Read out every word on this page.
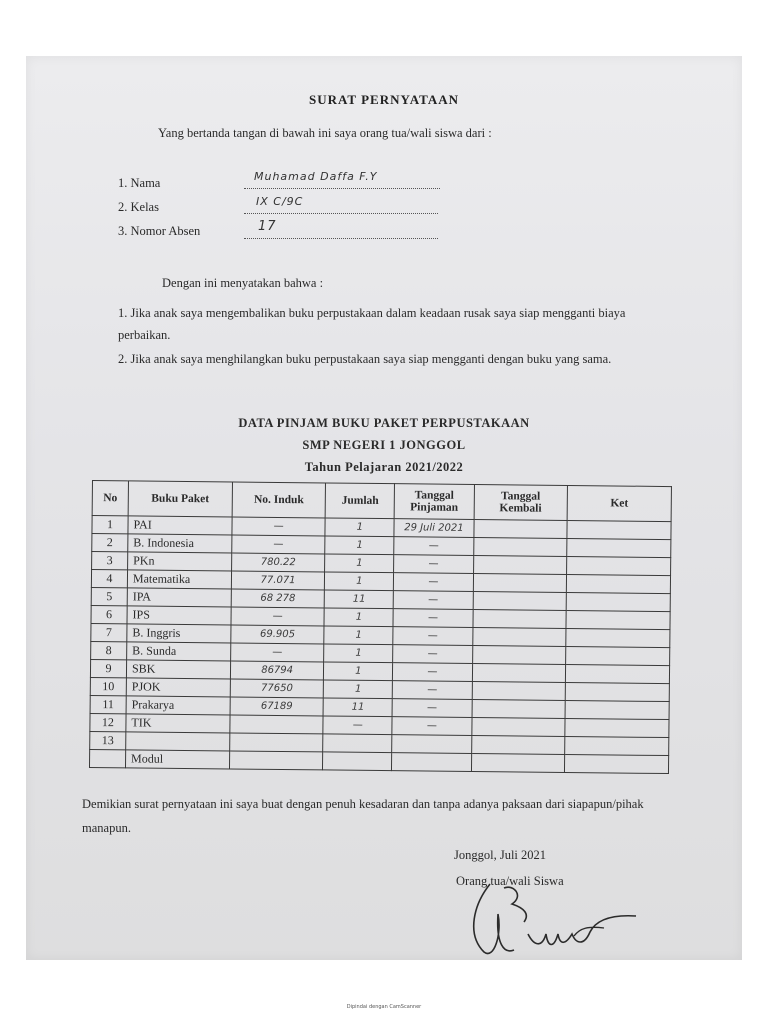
SURAT PERNYATAAN
Yang bertanda tangan di bawah ini saya orang tua/wali siswa dari :
1. Nama	Muhamad Daffa F.Y
2. Kelas	IX C/9C
3. Nomor Absen	17
Dengan ini menyatakan bahwa :
1. Jika anak saya mengembalikan buku perpustakaan dalam keadaan rusak saya siap mengganti biaya perbaikan.
2. Jika anak saya menghilangkan buku perpustakaan saya siap mengganti dengan buku yang sama.
DATA PINJAM BUKU PAKET PERPUSTAKAAN
SMP NEGERI 1 JONGGOL
Tahun Pelajaran 2021/2022
No	Buku Paket	No. Induk	Jumlah	Tanggal Pinjaman	Tanggal Kembali	Ket
1	PAI	—	1	29 Juli 2021		
2	B. Indonesia	—	1	—		
3	PKn	780.22	1	—		
4	Matematika	77.071	1	—		
5	IPA	68 278	11	—		
6	IPS	—	1	—		
7	B. Inggris	69.905	1	—		
8	B. Sunda	—	1	—		
9	SBK	86794	1	—		
10	PJOK	77650	1	—		
11	Prakarya	67189	11	—		
12	TIK		—	—		
13						
	Modul					
Demikian surat pernyataan ini saya buat dengan penuh kesadaran dan tanpa adanya paksaan dari siapapun/pihak manapun.
Jonggol, Juli 2021
Orang tua/wali Siswa
Dipindai dengan CamScanner
